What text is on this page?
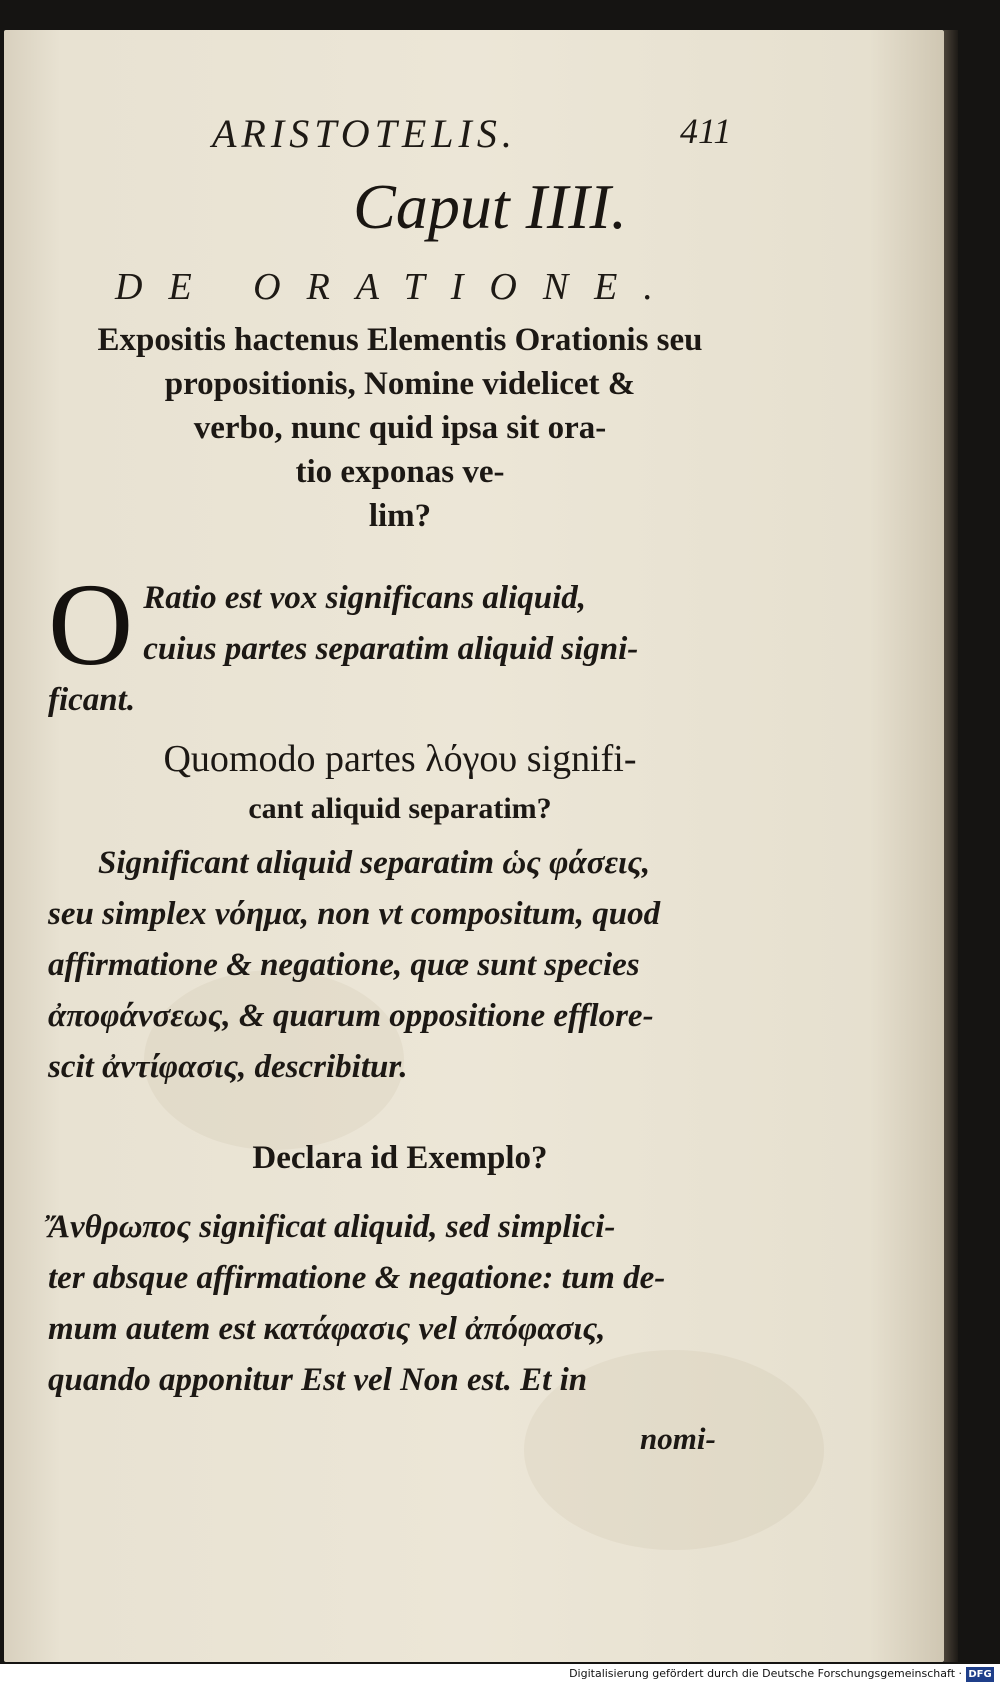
ARISTOTELIS.	411
Caput IIII.
DE ORATIONE.
Expositis hactenus Elementis Orationis seu
propositionis, Nomine videlicet &
verbo, nunc quid ipsa sit ora-
tio exponas ve-
lim?
O Ratio est vox significans aliquid,
cuius partes separatim aliquid signi-
ficant.
Quomodo partes λόγου signifi-
cant aliquid separatim?
Significant aliquid separatim ὡς φάσεις,
seu simplex νόημα, non vt compositum, quod
affirmatione & negatione, quæ sunt species
ἀποφάνσεως, & quarum oppositione efflore-
scit ἀντίφασις, describitur.
Declara id Exemplo?
Ἄνθρωπος significat aliquid, sed simplici-
ter absque affirmatione & negatione: tum de-
mum autem est κατάφασις vel ἀπόφασις,
quando apponitur Est vel Non est. Et in
nomi-
Digitalisierung gefördert durch die Deutsche Forschungsgemeinschaft · DFG
